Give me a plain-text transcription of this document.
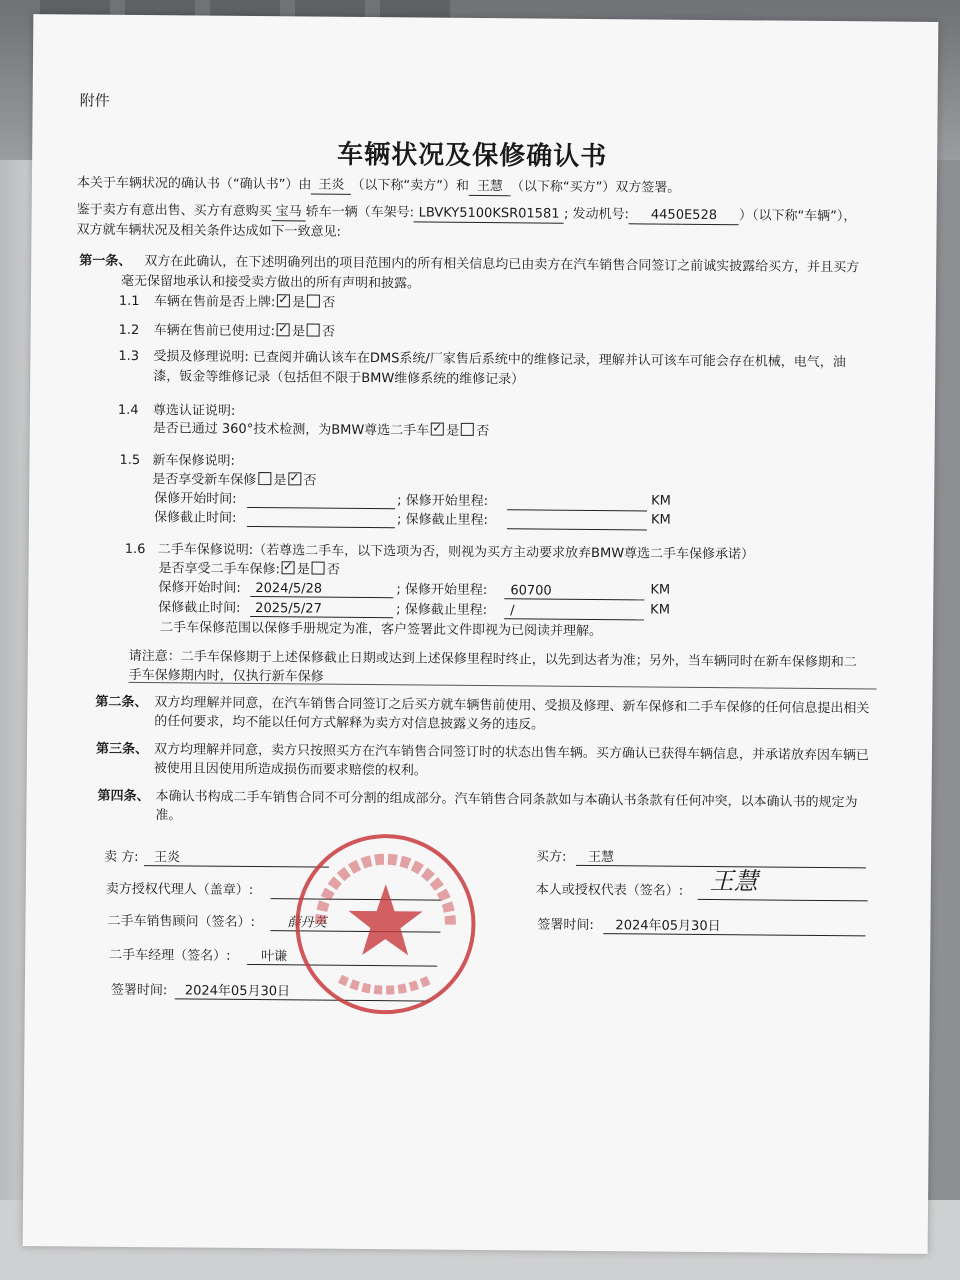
附件
车辆状况及保修确认书
本关于车辆状况的确认书（“确认书”）由 王炎 （以下称“卖方”）和 王慧 （以下称“买方”）双方签署。
鉴于卖方有意出售、买方有意购买 宝马 轿车一辆（车架号: LBVKY5100KSR01581 ; 发动机号: 4450E528 ）（以下称“车辆”），
双方就车辆状况及相关条件达成如下一致意见:
第一条、 双方在此确认，在下述明确列出的项目范围内的所有相关信息均已由卖方在汽车销售合同签订之前诚实披露给买方，并且买方
毫无保留地承认和接受卖方做出的所有声明和披露。
1.1 车辆在售前是否上牌: ✓ 是 否
1.2 车辆在售前已使用过: ✓ 是 否
1.3 受损及修理说明: 已查阅并确认该车在DMS系统/厂家售后系统中的维修记录，理解并认可该车可能会存在机械，电气，油
漆，钣金等维修记录（包括但不限于BMW维修系统的维修记录）
1.4 尊选认证说明:
是否已通过 360°技术检测，为BMW尊选二手车 ✓ 是 否
1.5 新车保修说明:
是否享受新车保修 是 ✓ 否
保修开始时间:	; 保修开始里程:	KM
保修截止时间:	; 保修截止里程:	KM
1.6 二手车保修说明:（若尊选二手车，以下选项为否，则视为买方主动要求放弃BMW尊选二手车保修承诺）
是否享受二手车保修: ✓ 是 否
保修开始时间: 2024/5/28	; 保修开始里程: 60700	KM
保修截止时间: 2025/5/27	; 保修截止里程: /	KM
二手车保修范围以保修手册规定为准，客户签署此文件即视为已阅读并理解。
请注意：二手车保修期于上述保修截止日期或达到上述保修里程时终止，以先到达者为准；另外，当车辆同时在新车保修期和二
手车保修期内时，仅执行新车保修
第二条、 双方均理解并同意，在汽车销售合同签订之后买方就车辆售前使用、受损及修理、新车保修和二手车保修的任何信息提出相关
的任何要求，均不能以任何方式解释为卖方对信息披露义务的违反。
第三条、 双方均理解并同意，卖方只按照买方在汽车销售合同签订时的状态出售车辆。买方确认已获得车辆信息，并承诺放弃因车辆已
被使用且因使用所造成损伤而要求赔偿的权利。
第四条、 本确认书构成二手车销售合同不可分割的组成部分。汽车销售合同条款如与本确认书条款有任何冲突，以本确认书的规定为
准。
卖 方: 王炎
卖方授权代理人（盖章）:
二手车销售顾问（签名）: 薛丹英
二手车经理（签名）: 叶谦
签署时间: 2024年05月30日
买方: 王慧
本人或授权代表（签名）: 王慧
签署时间: 2024年05月30日
